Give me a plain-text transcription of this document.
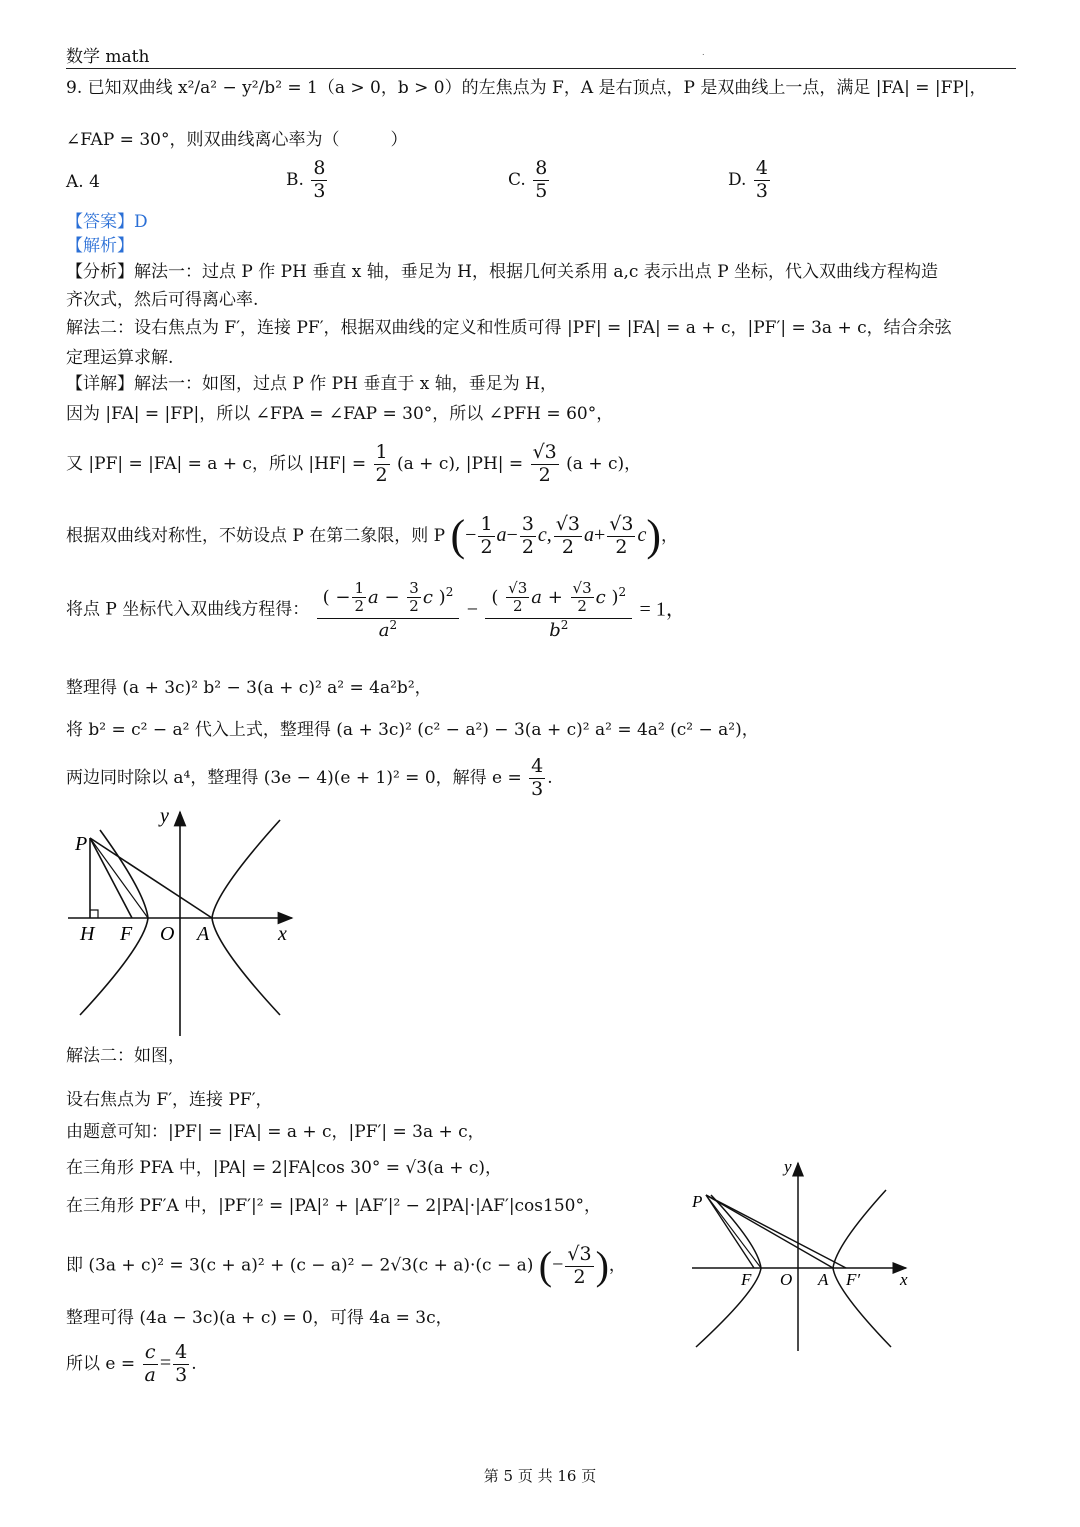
数学 math	.
9. 已知双曲线 x²/a² − y²/b² = 1（a > 0，b > 0）的左焦点为 F，A 是右顶点，P 是双曲线上一点，满足 |FA| = |FP|，
∠FAP = 30°，则双曲线离心率为（　　　）
A. 4	B. $\frac{8}{3}$	C. $\frac{8}{5}$	D. $\frac{4}{3}$
【答案】D
【解析】
【分析】解法一：过点 P 作 PH 垂直 x 轴，垂足为 H，根据几何关系用 a,c 表示出点 P 坐标，代入双曲线方程构造
齐次式，然后可得离心率.
解法二：设右焦点为 F′，连接 PF′，根据双曲线的定义和性质可得 |PF| = |FA| = a + c，|PF′| = 3a + c，结合余弦
定理运算求解.
【详解】解法一：如图，过点 P 作 PH 垂直于 x 轴，垂足为 H，
因为 |FA| = |FP|，所以 ∠FPA = ∠FAP = 30°，所以 ∠PFH = 60°，
又 |PF| = |FA| = a + c，所以 $|HF| = \frac{1}{2} (a + c)$, $|PH| = \frac{√3}{2} (a + c)$，
根据双曲线对称性，不妨设点 P 在第二象限，则 P (− $\frac{1}{2} a- \frac{3}{2} c$, $\frac{√3}{2} a+ \frac{√3}{2} c$)，
将点 P 坐标代入双曲线方程得： $\frac{( - \frac{1}{2} a - \frac{3}{2} c )^2}{a^2} - \frac{( \frac{√3}{2} a + \frac{√3}{2} c )^2}{b^2} = 1$，
整理得 (a + 3c)² b² − 3(a + c)² a² = 4a²b²，
将 b² = c² − a² 代入上式，整理得 (a + 3c)² (c² − a²) − 3(a + c)² a² = 4a² (c² − a²)，
两边同时除以 a⁴，整理得 (3e − 4)(e + 1)² = 0，解得 $e = \frac{4}{3}$ .
P
H F O A	x
y
解法二：如图，
设右焦点为 F′，连接 PF′，
由题意可知：|PF| = |FA| = a + c，|PF′| = 3a + c，
在三角形 PFA 中，|PA| = 2|FA|cos 30° = √3(a + c)，
在三角形 PF′A 中，|PF′|² = |PA|² + |AF′|² − 2|PA|·|AF′|cos150°，
即 (3a + c)² = 3(c + a)² + (c − a)² − 2√3(c + a)·(c − a) (− $\frac{√3}{2}$ )，
整理可得 (4a − 3c)(a + c) = 0，可得 4a = 3c，
所以 $e = \frac{c}{a} = \frac{4}{3}$ .
P
F O A F′ x
y
第 5 页 共 16 页
